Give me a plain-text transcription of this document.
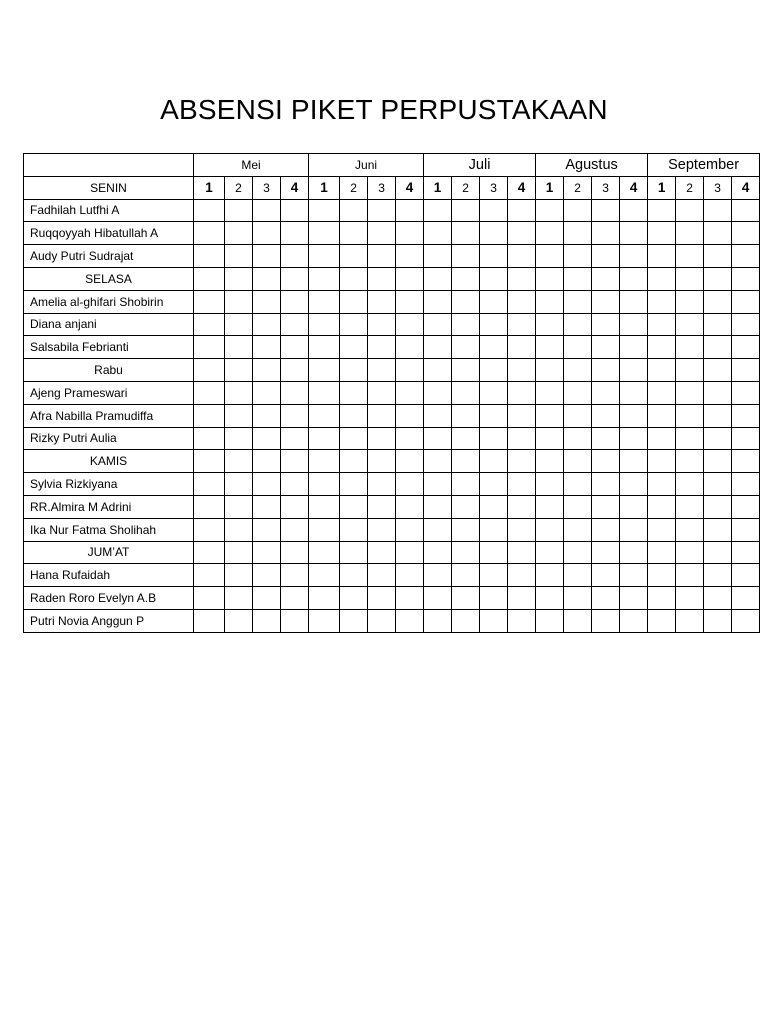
ABSENSI PIKET PERPUSTAKAAN
	Mei				Juni				Juli				Agustus				September			
SENIN	1	2	3	4	1	2	3	4	1	2	3	4	1	2	3	4	1	2	3	4
Fadhilah Lutfhi A																				
Ruqqoyyah Hibatullah A																				
Audy Putri Sudrajat																				
SELASA																				
Amelia al-ghifari Shobirin																				
Diana anjani																				
Salsabila Febrianti																				
Rabu																				
Ajeng Prameswari																				
Afra Nabilla Pramudiffa																				
Rizky Putri Aulia																				
KAMIS																				
Sylvia Rizkiyana																				
RR.Almira M Adrini																				
Ika Nur Fatma Sholihah																				
JUM’AT																				
Hana Rufaidah																				
Raden Roro Evelyn A.B																				
Putri Novia Anggun P																				
